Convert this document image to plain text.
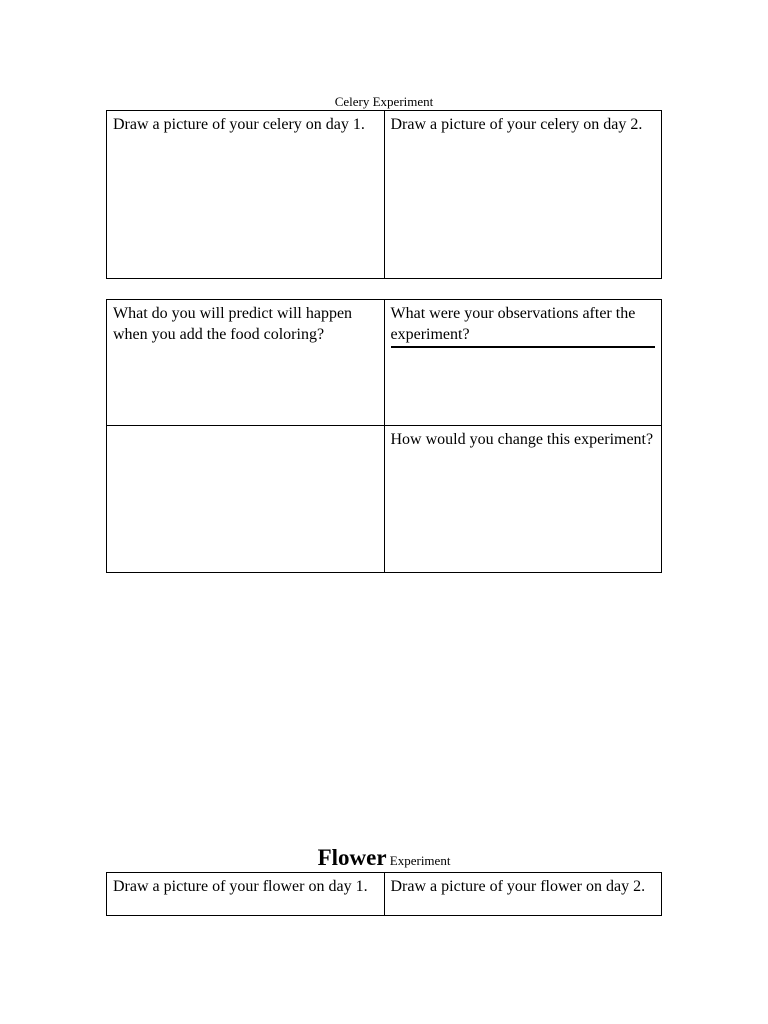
Celery Experiment
Draw a picture of your celery on day 1.	Draw a picture of your celery on day 2.
What do you will predict will happen when you add the food coloring?	What were your observations after the experiment?

	How would you change this experiment?
Flower Experiment
Draw a picture of your flower on day 1.	Draw a picture of your flower on day 2.
